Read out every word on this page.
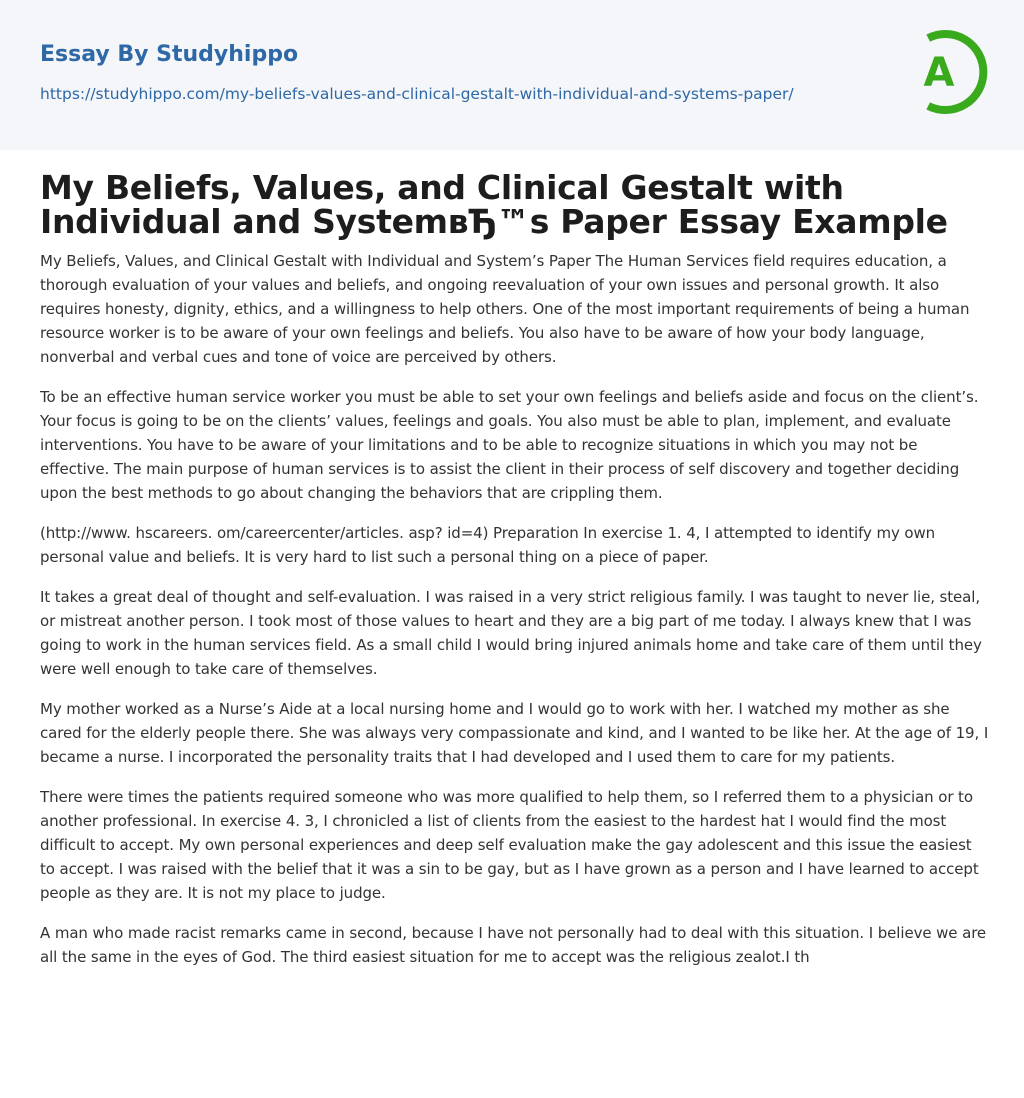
Essay By Studyhippo
https://studyhippo.com/my-beliefs-values-and-clinical-gestalt-with-individual-and-systems-paper/	A
My Beliefs, Values, and Clinical Gestalt with Individual and SystemвЂ™s Paper Essay Example

My Beliefs, Values, and Clinical Gestalt with Individual and System’s Paper The Human Services field requires education, a thorough evaluation of your values and beliefs, and ongoing reevaluation of your own issues and personal growth. It also requires honesty, dignity, ethics, and a willingness to help others. One of the most important requirements of being a human resource worker is to be aware of your own feelings and beliefs. You also have to be aware of how your body language, nonverbal and verbal cues and tone of voice are perceived by others.

To be an effective human service worker you must be able to set your own feelings and beliefs aside and focus on the client’s. Your focus is going to be on the clients’ values, feelings and goals. You also must be able to plan, implement, and evaluate interventions. You have to be aware of your limitations and to be able to recognize situations in which you may not be effective. The main purpose of human services is to assist the client in their process of self discovery and together deciding upon the best methods to go about changing the behaviors that are crippling them.

(http://www. hscareers. om/careercenter/articles. asp? id=4) Preparation In exercise 1. 4, I attempted to identify my own personal value and beliefs. It is very hard to list such a personal thing on a piece of paper.

It takes a great deal of thought and self-evaluation. I was raised in a very strict religious family. I was taught to never lie, steal, or mistreat another person. I took most of those values to heart and they are a big part of me today. I always knew that I was going to work in the human services field. As a small child I would bring injured animals home and take care of them until they were well enough to take care of themselves.

My mother worked as a Nurse’s Aide at a local nursing home and I would go to work with her. I watched my mother as she cared for the elderly people there. She was always very compassionate and kind, and I wanted to be like her. At the age of 19, I became a nurse. I incorporated the personality traits that I had developed and I used them to care for my patients.

There were times the patients required someone who was more qualified to help them, so I referred them to a physician or to another professional. In exercise 4. 3, I chronicled a list of clients from the easiest to the hardest hat I would find the most difficult to accept. My own personal experiences and deep self evaluation make the gay adolescent and this issue the easiest to accept. I was raised with the belief that it was a sin to be gay, but as I have grown as a person and I have learned to accept people as they are. It is not my place to judge.

A man who made racist remarks came in second, because I have not personally had to deal with this situation. I believe we are all the same in the eyes of God. The third easiest situation for me to accept was the religious zealot.I th
